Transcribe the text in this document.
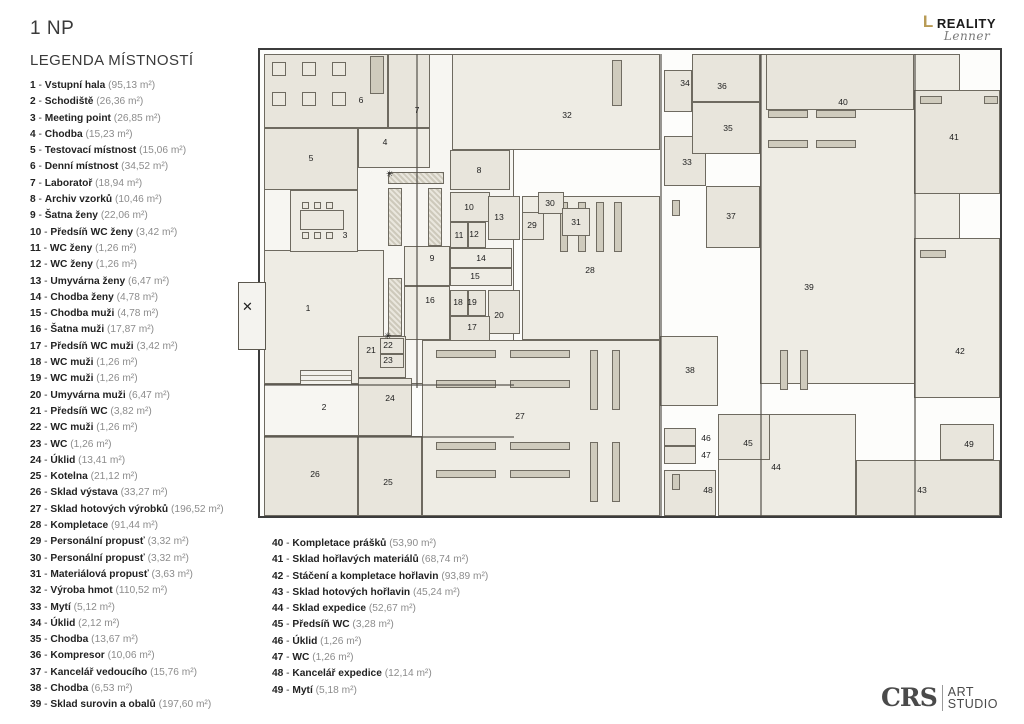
1 NP
LEGENDA MÍSTNOSTÍ
1 - Vstupní hala (95,13 m²)
2 - Schodiště (26,36 m²)
3 - Meeting point (26,85 m²)
4 - Chodba (15,23 m²)
5 - Testovací místnost (15,06 m²)
6 - Denní místnost (34,52 m²)
7 - Laboratoř (18,94 m²)
8 - Archiv vzorků (10,46 m²)
9 - Šatna ženy (22,06 m²)
10 - Předsíň WC ženy (3,42 m²)
11 - WC ženy (1,26 m²)
12 - WC ženy (1,26 m²)
13 - Umyvárna ženy (6,47 m²)
14 - Chodba ženy (4,78 m²)
15 - Chodba muži (4,78 m²)
16 - Šatna muži (17,87 m²)
17 - Předsíň WC muži (3,42 m²)
18 - WC muži (1,26 m²)
19 - WC muži (1,26 m²)
20 - Umyvárna muži (6,47 m²)
21 - Předsíň WC (3,82 m²)
22 - WC muži (1,26 m²)
23 - WC (1,26 m²)
24 - Úklid (13,41 m²)
25 - Kotelna (21,12 m²)
26 - Sklad výstava (33,27 m²)
27 - Sklad hotových výrobků (196,52 m²)
28 - Kompletace (91,44 m²)
29 - Personální propusť (3,32 m²)
30 - Personální propusť (3,32 m²)
31 - Materiálová propusť (3,63 m²)
32 - Výroba hmot (110,52 m²)
33 - Mytí (5,12 m²)
34 - Úklid (2,12 m²)
35 - Chodba (13,67 m²)
36 - Kompresor (10,06 m²)
37 - Kancelář vedoucího (15,76 m²)
38 - Chodba (6,53 m²)
39 - Sklad surovin a obalů (197,60 m²)
40 - Kompletace prášků (53,90 m²)
41 - Sklad hořlavých materiálů (68,74 m²)
42 - Stáčení a kompletace hořlavin (93,89 m²)
43 - Sklad hotových hořlavin (45,24 m²)
44 - Sklad expedice (52,67 m²)
45 - Předsíň WC (3,28 m²)
46 - Úklid (1,26 m²)
47 - WC (1,26 m²)
48 - Kancelář expedice (12,14 m²)
49 - Mytí (5,18 m²)
L REALITY
Lenner
CRS ART
STUDIO
✕
✳
✳
1
2
3
4
5
6
7
8
9
10
11 12
13
14
15
16
17
18 19
20
21 22
23
24
25
26
27
28
29
30
31
32
33
34
35
36
37
38
39
40
41
42
43
44
45
46
47
48
49
